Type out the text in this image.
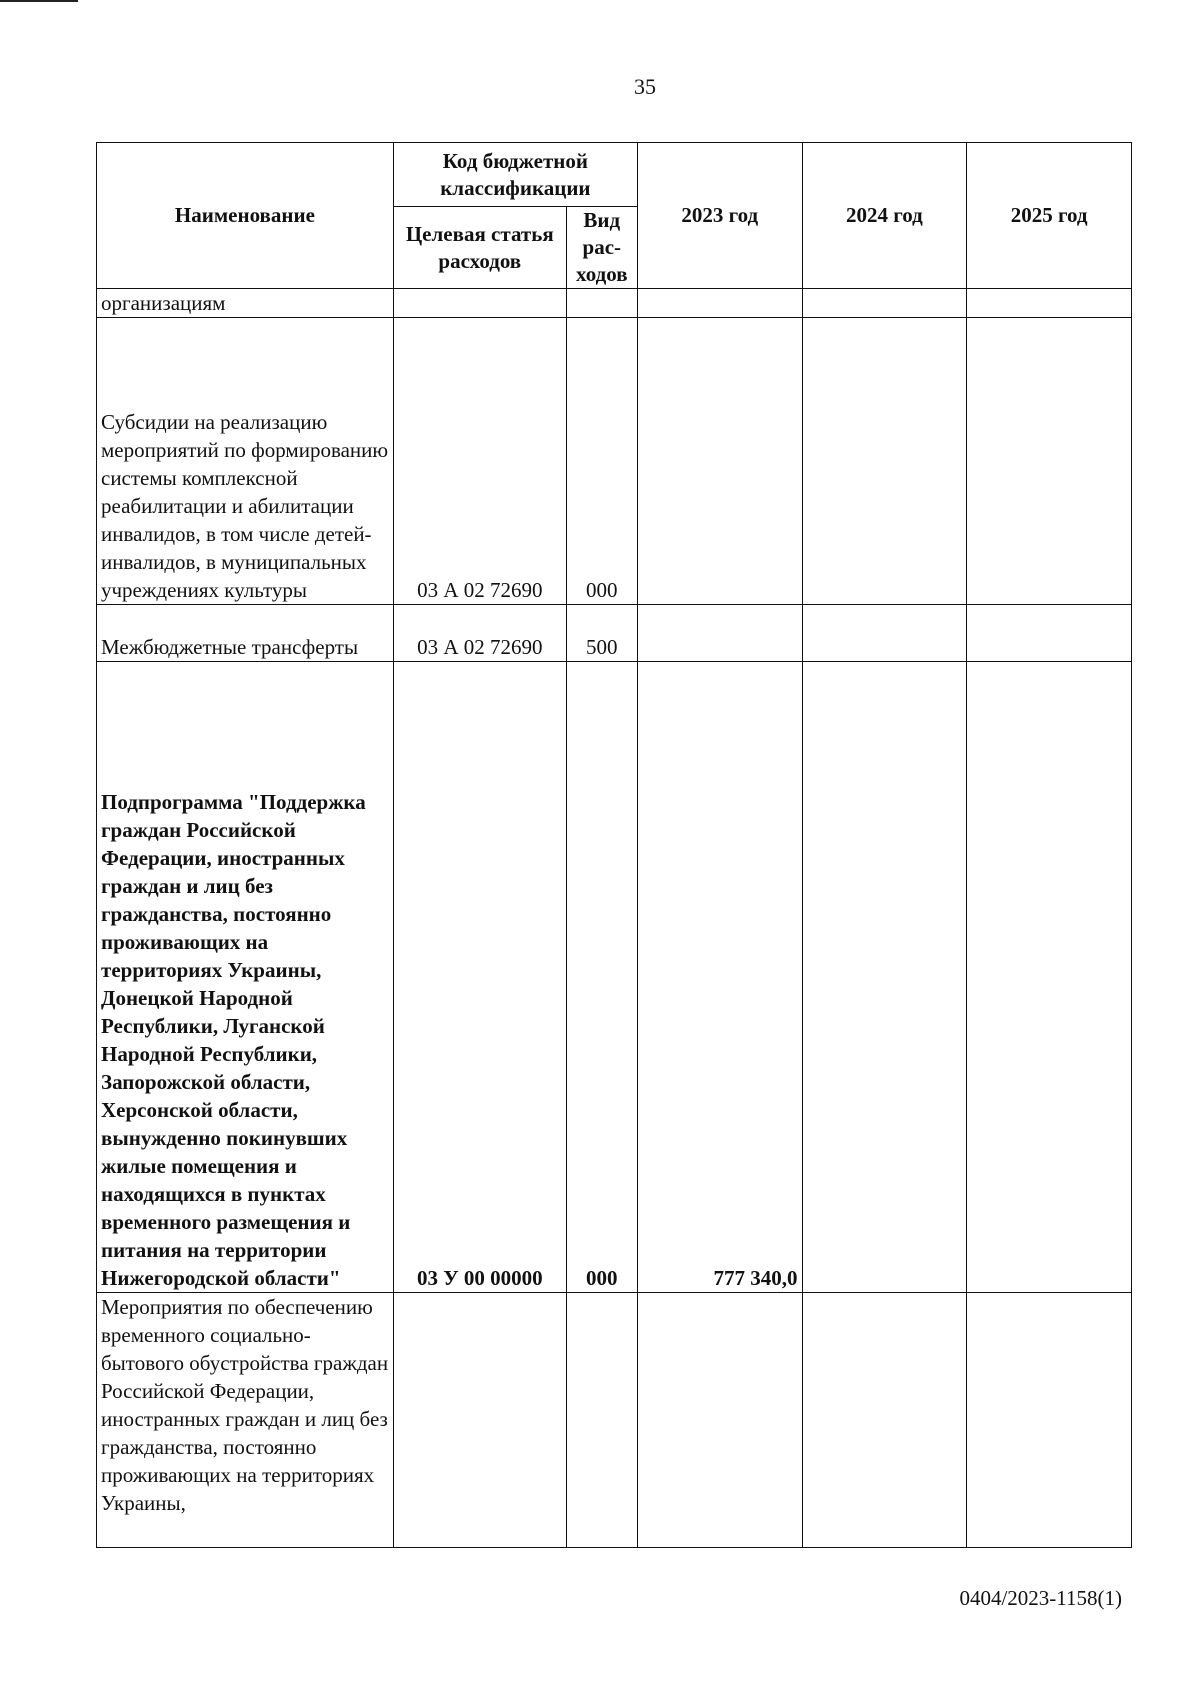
35
Наименование	Код бюджетной классификации		2023 год	2024 год	2025 год
	Целевая статья расходов	Вид рас-ходов			
организациям					
Субсидии на реализацию мероприятий по формированию системы комплексной реабилитации и абилитации инвалидов, в том числе детей-инвалидов, в муниципальных учреждениях культуры	03 А 02 72690	000			
Межбюджетные трансферты	03 А 02 72690	500			
Подпрограмма "Поддержка граждан Российской Федерации, иностранных граждан и лиц без гражданства, постоянно проживающих на территориях Украины, Донецкой Народной Республики, Луганской Народной Республики, Запорожской области, Херсонской области, вынужденно покинувших жилые помещения и находящихся в пунктах временного размещения и питания на территории Нижегородской области"	03 У 00 00000	000	777 340,0		
Мероприятия по обеспечению временного социально-бытового обустройства граждан Российской Федерации, иностранных граждан и лиц без гражданства, постоянно проживающих на территориях Украины,					
0404/2023-1158(1)
